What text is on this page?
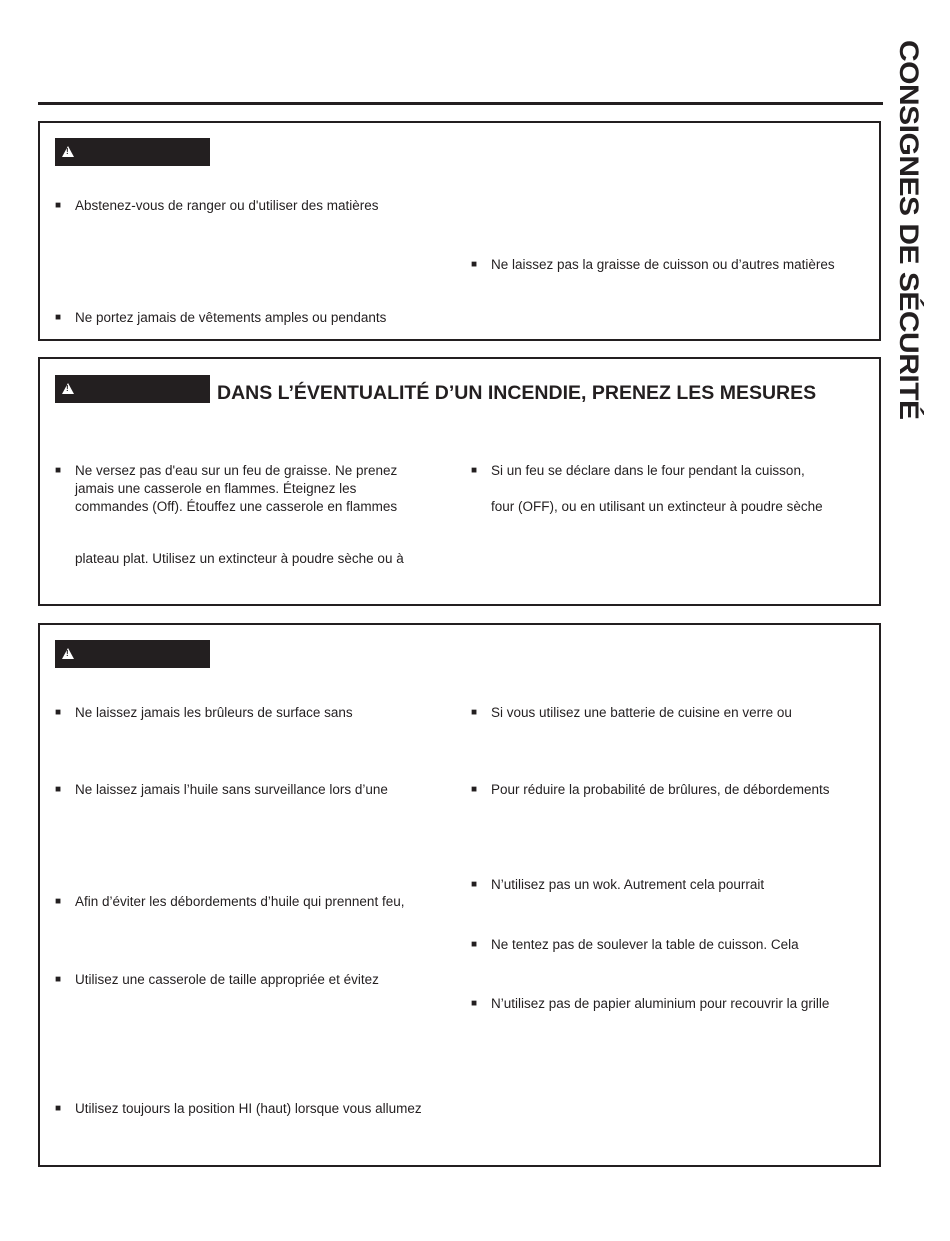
CONSIGNES DE SÉCURITÉ
!
■ Abstenez-vous de ranger ou d'utiliser des matières
■ Ne laissez pas la graisse de cuisson ou d’autres matières
■ Ne portez jamais de vêtements amples ou pendants
!
DANS L’ÉVENTUALITÉ D’UN INCENDIE, PRENEZ LES MESURES
■ Ne versez pas d'eau sur un feu de graisse. Ne prenez
jamais une casserole en flammes. Éteignez les
commandes (Off). Étouffez une casserole en flammes
plateau plat. Utilisez un extincteur à poudre sèche ou à
■ Si un feu se déclare dans le four pendant la cuisson,
four (OFF), ou en utilisant un extincteur à poudre sèche
!
■ Ne laissez jamais les brûleurs de surface sans
■ Ne laissez jamais l’huile sans surveillance lors d’une
■ Afin d’éviter les débordements d’huile qui prennent feu,
■ Utilisez une casserole de taille appropriée et évitez
■ Utilisez toujours la position HI (haut) lorsque vous allumez
■ Si vous utilisez une batterie de cuisine en verre ou
■ Pour réduire la probabilité de brûlures, de débordements
■ N’utilisez pas un wok. Autrement cela pourrait
■ Ne tentez pas de soulever la table de cuisson. Cela
■ N’utilisez pas de papier aluminium pour recouvrir la grille
